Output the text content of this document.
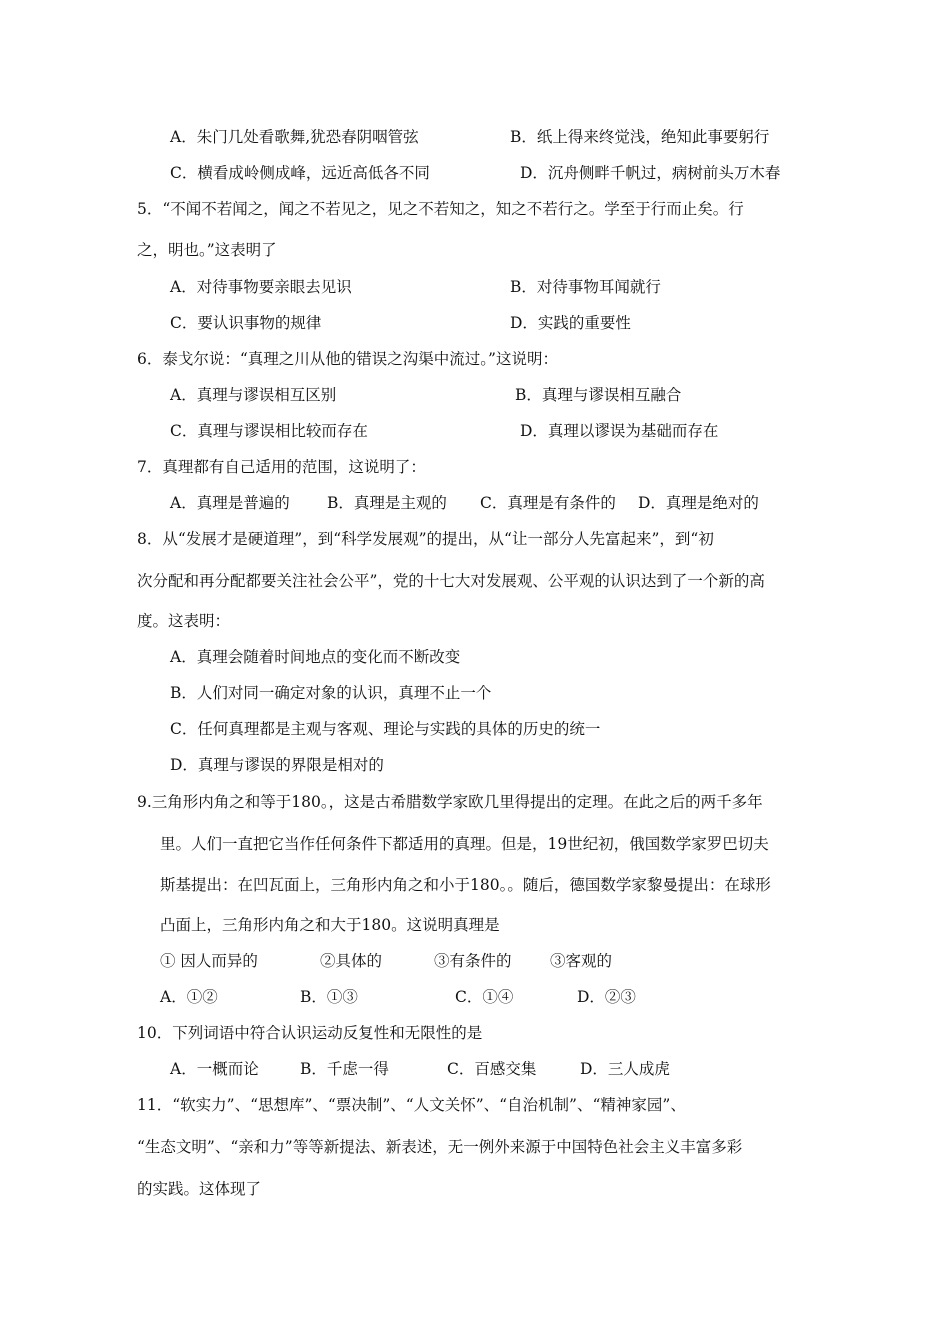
A．朱门几处看歌舞,犹恐春阴咽管弦	B．纸上得来终觉浅，绝知此事要躬行
C．横看成岭侧成峰，远近高低各不同	D．沉舟侧畔千帆过，病树前头万木春
5．“不闻不若闻之，闻之不若见之，见之不若知之，知之不若行之。学至于行而止矣。行
之，明也。”这表明了
A．对待事物要亲眼去见识	B．对待事物耳闻就行
C．要认识事物的规律	D．实践的重要性
6．泰戈尔说：“真理之川从他的错误之沟渠中流过。”这说明：
A．真理与谬误相互区别	B．真理与谬误相互融合
C．真理与谬误相比较而存在	D．真理以谬误为基础而存在
7．真理都有自己适用的范围，这说明了：
A．真理是普遍的 B．真理是主观的 C．真理是有条件的 D．真理是绝对的
8．从“发展才是硬道理”，到“科学发展观”的提出，从“让一部分人先富起来”，到“初
次分配和再分配都要关注社会公平”，党的十七大对发展观、公平观的认识达到了一个新的高
度。这表明：
A．真理会随着时间地点的变化而不断改变
B．人们对同一确定对象的认识，真理不止一个
C．任何真理都是主观与客观、理论与实践的具体的历史的统一
D．真理与谬误的界限是相对的
9.三角形内角之和等于180。，这是古希腊数学家欧几里得提出的定理。在此之后的两千多年
里。人们一直把它当作任何条件下都适用的真理。但是，19世纪初，俄国数学家罗巴切夫
斯基提出：在凹瓦面上，三角形内角之和小于180。。随后，德国数学家黎曼提出：在球形
凸面上，三角形内角之和大于180。这说明真理是
① 因人而异的	②具体的	③有条件的 ③客观的
A．①②	B．①③	C．①④	D．②③
10．下列词语中符合认识运动反复性和无限性的是
A．一概而论	B．千虑一得	C．百感交集	D．三人成虎
11．“软实力”、“思想库”、“票决制”、“人文关怀”、“自治机制”、“精神家园”、
“生态文明”、“亲和力”等等新提法、新表述，无一例外来源于中国特色社会主义丰富多彩
的实践。这体现了
